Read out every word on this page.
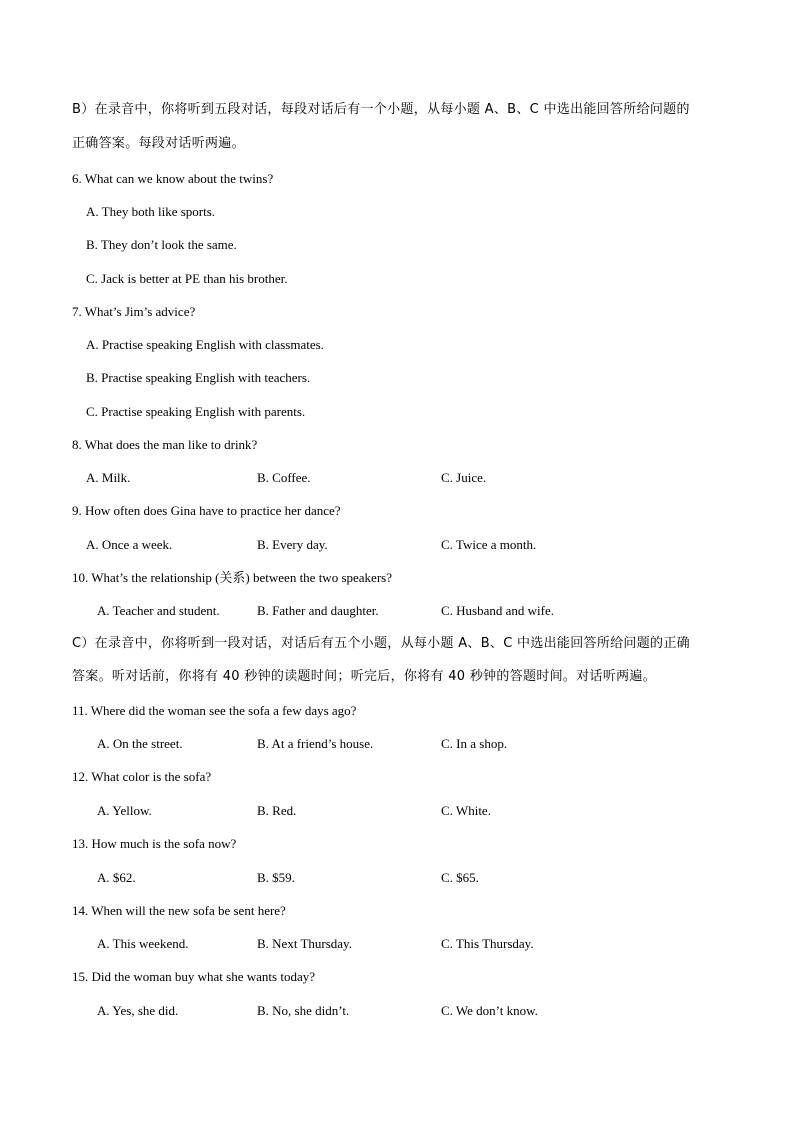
B）在录音中，你将听到五段对话，每段对话后有一个小题，从每小题 A、B、C 中选出能回答所给问题的
正确答案。每段对话听两遍。
6. What can we know about the twins?
A. They both like sports.
B. They don’t look the same.
C. Jack is better at PE than his brother.
7. What’s Jim’s advice?
A. Practise speaking English with classmates.
B. Practise speaking English with teachers.
C. Practise speaking English with parents.
8. What does the man like to drink?
A. Milk.	B. Coffee.	C. Juice.
9. How often does Gina have to practice her dance?
A. Once a week.	B. Every day.	C. Twice a month.
10. What’s the relationship (关系) between the two speakers?
A. Teacher and student.	B. Father and daughter.	C. Husband and wife.
C）在录音中，你将听到一段对话，对话后有五个小题，从每小题 A、B、C 中选出能回答所给问题的正确
答案。听对话前，你将有 40 秒钟的读题时间；听完后，你将有 40 秒钟的答题时间。对话听两遍。
11. Where did the woman see the sofa a few days ago?
A. On the street.	B. At a friend’s house.	C. In a shop.
12. What color is the sofa?
A. Yellow.	B. Red.	C. White.
13. How much is the sofa now?
A. $62.	B. $59.	C. $65.
14. When will the new sofa be sent here?
A. This weekend.	B. Next Thursday.	C. This Thursday.
15. Did the woman buy what she wants today?
A. Yes, she did.	B. No, she didn’t.	C. We don’t know.
